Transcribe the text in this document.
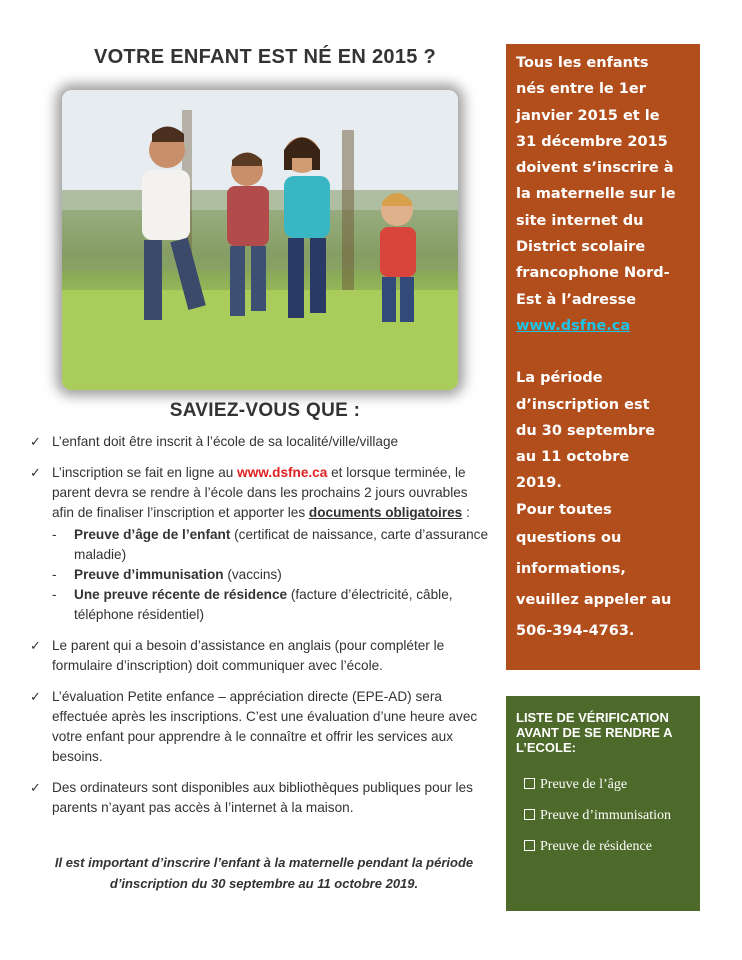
VOTRE ENFANT EST NÉ EN 2015 ?
SAVIEZ-VOUS QUE :
✓ L’enfant doit être inscrit à l’école de sa localité/ville/village
✓ L’inscription se fait en ligne au www.dsfne.ca et lorsque terminée, le parent devra se rendre à l’école dans les prochains 2 jours ouvrables afin de finaliser l’inscription et apporter les documents obligatoires :
- Preuve d’âge de l’enfant (certificat de naissance, carte d’assurance maladie)
- Preuve d’immunisation (vaccins)
- Une preuve récente de résidence (facture d’électricité, câble, téléphone résidentiel)
✓ Le parent qui a besoin d’assistance en anglais (pour compléter le formulaire d’inscription) doit communiquer avec l’école.
✓ L’évaluation Petite enfance – appréciation directe (EPE-AD) sera effectuée après les inscriptions. C’est une évaluation d’une heure avec votre enfant pour apprendre à le connaître et offrir les services aux besoins.
✓ Des ordinateurs sont disponibles aux bibliothèques publiques pour les parents n’ayant pas accès à l’internet à la maison.
Il est important d’inscrire l’enfant à la maternelle pendant la période d’inscription du 30 septembre au 11 octobre 2019.
Tous les enfants
nés entre le 1er
janvier 2015 et le
31 décembre 2015
doivent s’inscrire à
la maternelle sur le
site internet du
District scolaire
francophone Nord-
Est à l’adresse
www.dsfne.ca
La période
d’inscription est
du 30 septembre
au 11 octobre
2019.
Pour toutes
questions ou
informations,
veuillez appeler au
506-394-4763.
LISTE DE VÉRIFICATION AVANT DE SE RENDRE A L’ECOLE:
Preuve de l’âge
Preuve d’immunisation
Preuve de résidence
